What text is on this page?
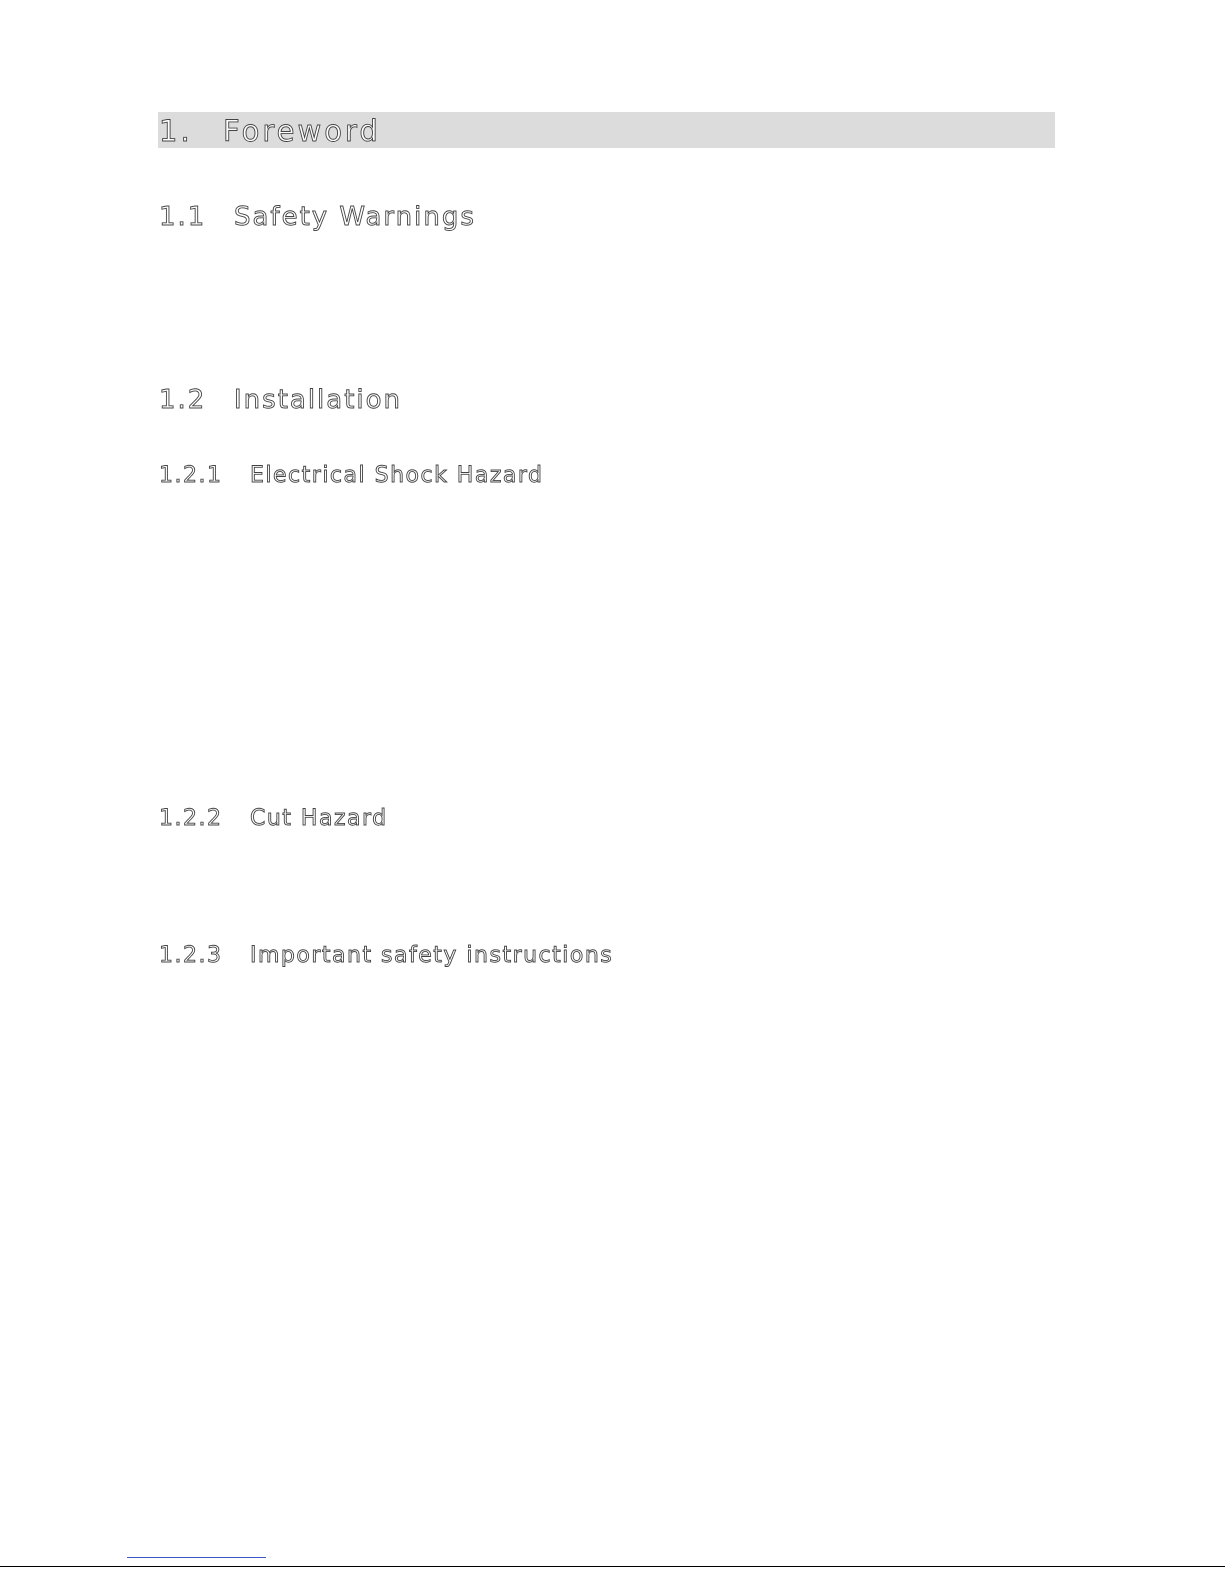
1. Foreword
1.1 Safety Warnings
1.2 Installation
1.2.1 Electrical Shock Hazard
1.2.2 Cut Hazard
1.2.3 Important safety instructions
